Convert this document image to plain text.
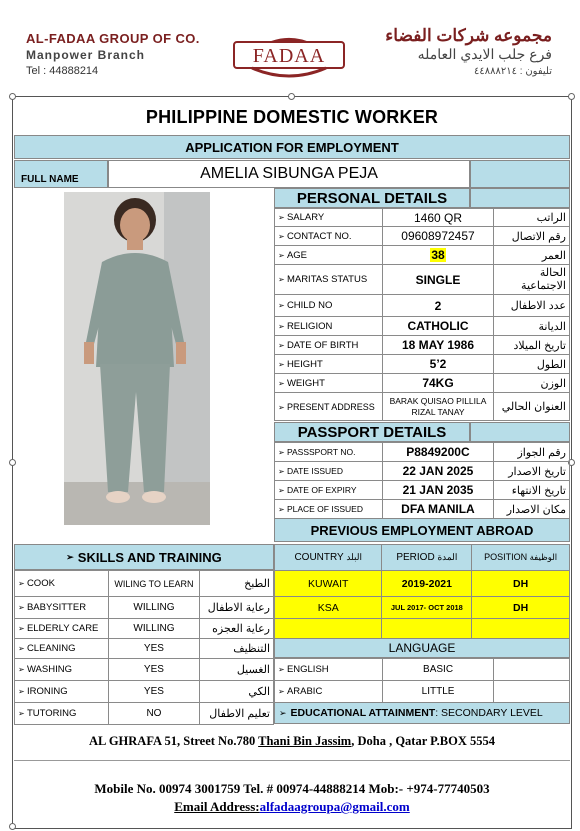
AL-FADAA GROUP OF CO.
Manpower Branch
Tel : 44888214
مجموعه شركات الفضاء
فرع جلب الايدي العامله
تليفون : ٤٤٨٨٨٢١٤
FADAA
PHILIPPINE DOMESTIC WORKER
APPLICATION FOR EMPLOYMENT
FULL NAME	AMELIA SIBUNGA PEJA
PERSONAL DETAILS
➢ SALARY	1460 QR	الراتب
➢ CONTACT NO.	09608972457	رقم الاتصال
➢ AGE	38	العمر
➢ MARITAS STATUS	SINGLE	الحالة الاجتماعية
➢ CHILD NO	2	عدد الاطفال
➢ RELIGION	CATHOLIC	الديانة
➢ DATE OF BIRTH	18 MAY 1986	تاريخ الميلاد
➢ HEIGHT	5’2	الطول
➢ WEIGHT	74KG	الوزن
➢ PRESENT ADDRESS	BARAK QUISAO PILLILA RIZAL TANAY	العنوان الحالي
PASSPORT DETAILS
➢ PASSSPORT NO.	P8849200C	رقم الجواز
➢ DATE ISSUED	22 JAN 2025	تاريخ الاصدار
➢ DATE OF EXPIRY	21 JAN 2035	تاريخ الانتهاء
➢ PLACE OF ISSUED	DFA MANILA	مكان الاصدار
PREVIOUS EMPLOYMENT ABROAD
➢ SKILLS AND TRAINING	COUNTRY البلد	PERIOD المدة	POSITION الوظيفة
KUWAIT	2019-2021	DH
KSA	JUL 2017- OCT 2018	DH

➢ COOK	WILING TO LEARN	الطبخ
➢ BABYSITTER	WILLING	رعاية الاطفال
➢ ELDERLY CARE	WILLING	رعاية العجزه
➢ CLEANING	YES	التنظيف
➢ WASHING	YES	الغسيل
➢ IRONING	YES	الكي
➢ TUTORING	NO	تعليم الاطفال
LANGUAGE
➢ ENGLISH	BASIC	
➢ ARABIC	LITTLE	
➢ EDUCATIONAL ATTAINMENT : SECONDARY LEVEL
AL GHRAFA 51, Street No.780 Thani Bin Jassim, Doha , Qatar P.BOX 5554
Mobile No. 00974 3001759 Tel. # 00974-44888214 Mob:- +974-77740503
Email Address:alfadaagroupa@gmail.com
